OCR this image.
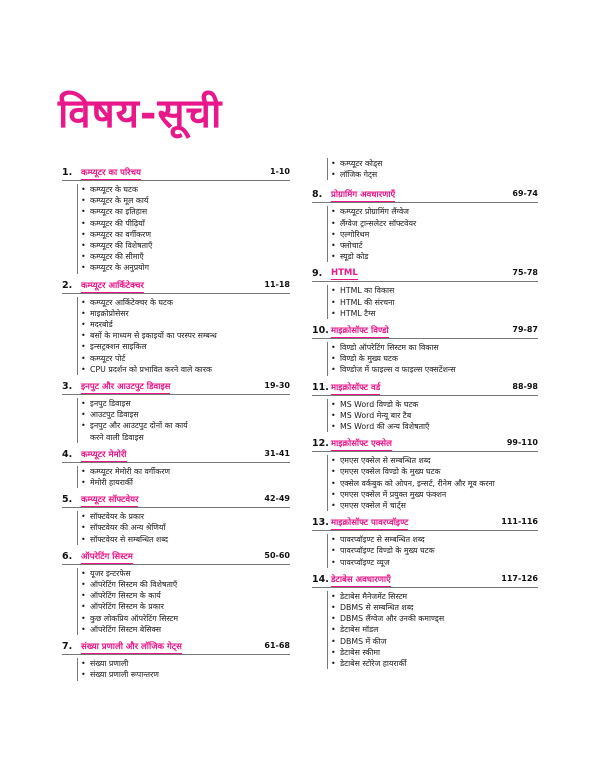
विषय-सूची
1. कम्प्यूटर का परिचय	1-10
• कम्प्यूटर के घटक
• कम्प्यूटर के मूल कार्य
• कम्प्यूटर का इतिहास
• कम्प्यूटर की पीढ़ियाँ
• कम्प्यूटर का वर्गीकरण
• कम्प्यूटर की विशेषताएँ
• कम्प्यूटर की सीमाएँ
• कम्प्यूटर के अनुप्रयोग
2. कम्प्यूटर आर्किटेक्चर	11-18
• कम्प्यूटर आर्किटेक्चर के घटक
• माइक्रोप्रोसेसर
• मदरबोर्ड
• बसों के माध्यम से इकाइयों का परस्पर सम्बन्ध
• इन्सट्रक्शन साइकिल
• कम्प्यूटर पोर्ट
• CPU प्रदर्शन को प्रभावित करने वाले कारक
3. इनपुट और आउटपुट डिवाइस	19-30
• इनपुट डिवाइस
• आउटपुट डिवाइस
• इनपुट और आउटपुट दोनों का कार्य
करने वाली डिवाइस
4. कम्प्यूटर मेमोरी	31-41
• कम्प्यूटर मेमोरी का वर्गीकरण
• मेमोरी हायरार्की
5. कम्प्यूटर सॉफ्टवेयर	42-49
• सॉफ्टवेयर के प्रकार
• सॉफ्टवेयर की अन्य श्रेणियाँ
• सॉफ्टवेयर से सम्बन्धित शब्द
6. ऑपरेटिंग सिस्टम	50-60
• यूजर इन्टरफेस
• ऑपरेटिंग सिस्टम की विशेषताएँ
• ऑपरेटिंग सिस्टम के कार्य
• ऑपरेटिंग सिस्टम के प्रकार
• कुछ लोकप्रिय ऑपरेटिंग सिस्टम
• ऑपरेटिंग सिस्टम बेसिक्स
7. संख्या प्रणाली और लॉजिक गेट्स	61-68
• संख्या प्रणाली
• संख्या प्रणाली रूपान्तरण
• कम्प्यूटर कोड्स
• लॉजिक गेट्स
8. प्रोग्रामिंग अवधारणाएँ	69-74
• कम्प्यूटर प्रोग्रामिंग लैंग्वेज
• लैंग्वेज ट्रान्सलेटर सॉफ्टवेयर
• एल्गोरिथम
• फ्लोचार्ट
• स्यूडो कोड
9. HTML	75-78
• HTML का विकास
• HTML की संरचना
• HTML टैग्स
10. माइक्रोसॉफ्ट विण्डो	79-87
• विण्डो ऑपरेटिंग सिस्टम का विकास
• विण्डो के मुख्य घटक
• विण्डोज में फाइल्स व फाइल्स एक्सटेंशन्स
11. माइक्रोसॉफ्ट वर्ड	88-98
• MS Word विण्डो के घटक
• MS Word मेन्यू बार टैब
• MS Word की अन्य विशेषताएँ
12. माइक्रोसॉफ्ट एक्सेल	99-110
• एमएस एक्सेल से सम्बन्धित शब्द
• एमएस एक्सेल विण्डो के मुख्य घटक
• एक्सेल वर्कबुक को ओपन, इन्सर्ट, रीनेम और मूव करना
• एमएस एक्सेल में प्रयुक्त मुख्य फंक्शन
• एमएस एक्सेल में चार्ट्स
13. माइक्रोसॉफ्ट पावरप्वॉइण्ट	111-116
• पावरप्वॉइण्ट से सम्बन्धित शब्द
• पावरप्वॉइण्ट विण्डो के मुख्य घटक
• पावरप्वॉइण्ट व्यूज
14. डेटाबेस अवधारणाएँ	117-126
• डेटाबेस मैनेजमेंट सिस्टम
• DBMS से सम्बन्धित शब्द
• DBMS लैंग्वेज और उनकी कमाण्ड्स
• डेटाबेस मॉडल
• DBMS में कीज
• डेटाबेस स्कीमा
• डेटाबेस स्टोरेज हायरार्की
